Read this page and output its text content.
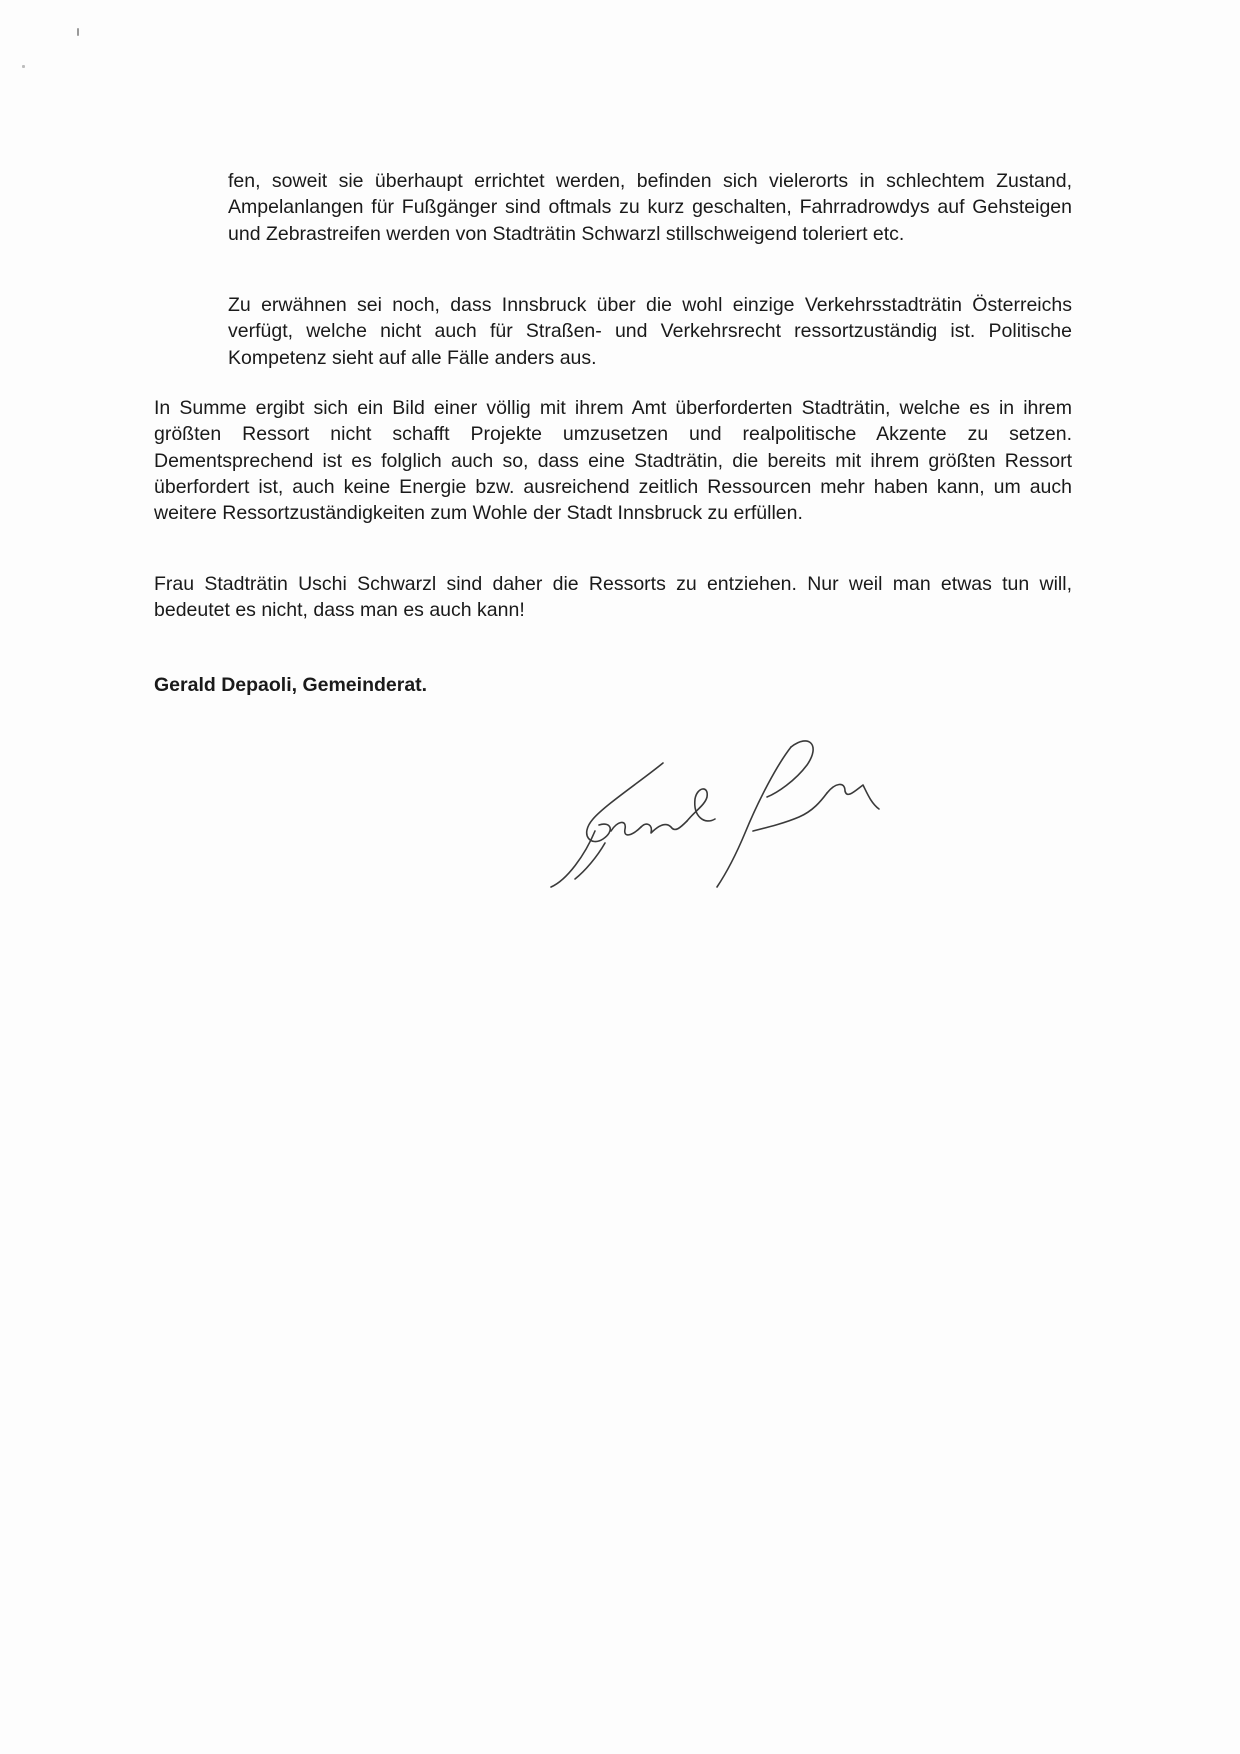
fen, soweit sie überhaupt errichtet werden, befinden sich vielerorts in schlechtem Zustand, Ampelanlangen für Fußgänger sind oftmals zu kurz geschalten, Fahrradrowdys auf Gehsteigen und Zebrastreifen werden von Stadträtin Schwarzl stillschweigend toleriert etc.

Zu erwähnen sei noch, dass Innsbruck über die wohl einzige Verkehrsstadträtin Österreichs verfügt, welche nicht auch für Straßen- und Verkehrsrecht ressortzuständig ist. Politische Kompetenz sieht auf alle Fälle anders aus.

In Summe ergibt sich ein Bild einer völlig mit ihrem Amt überforderten Stadträtin, welche es in ihrem größten Ressort nicht schafft Projekte umzusetzen und realpolitische Akzente zu setzen. Dementsprechend ist es folglich auch so, dass eine Stadträtin, die bereits mit ihrem größten Ressort überfordert ist, auch keine Energie bzw. ausreichend zeitlich Ressourcen mehr haben kann, um auch weitere Ressortzuständigkeiten zum Wohle der Stadt Innsbruck zu erfüllen.

Frau Stadträtin Uschi Schwarzl sind daher die Ressorts zu entziehen. Nur weil man etwas tun will, bedeutet es nicht, dass man es auch kann!

Gerald Depaoli, Gemeinderat.
